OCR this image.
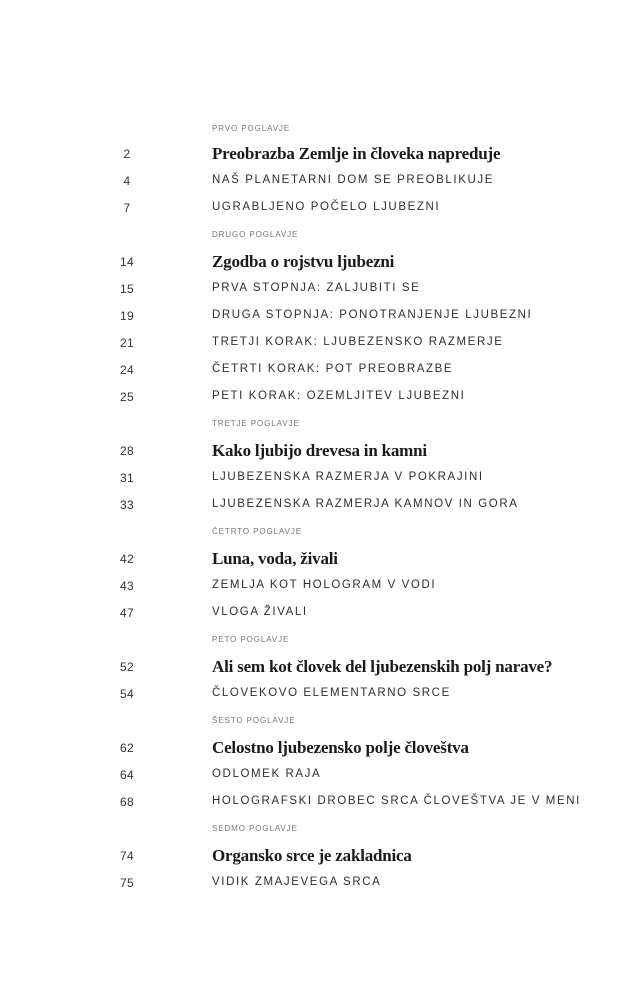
PRVO POGLAVJE
2	Preobrazba Zemlje in človeka napreduje
4	NAŠ PLANETARNI DOM SE PREOBLIKUJE
7	UGRABLJENO POČELO LJUBEZNI
DRUGO POGLAVJE
14	Zgodba o rojstvu ljubezni
15	PRVA STOPNJA: ZALJUBITI SE
19	DRUGA STOPNJA: PONOTRANJENJE LJUBEZNI
21	TRETJI KORAK: LJUBEZENSKO RAZMERJE
24	ČETRTI KORAK: POT PREOBRAZBE
25	PETI KORAK: OZEMLJITEV LJUBEZNI
TRETJE POGLAVJE
28	Kako ljubijo drevesa in kamni
31	LJUBEZENSKA RAZMERJA V POKRAJINI
33	LJUBEZENSKA RAZMERJA KAMNOV IN GORA
ČETRTO POGLAVJE
42	Luna, voda, živali
43	ZEMLJA KOT HOLOGRAM V VODI
47	VLOGA ŽIVALI
PETO POGLAVJE
52	Ali sem kot človek del ljubezenskih polj narave?
54	ČLOVEKOVO ELEMENTARNO SRCE
ŠESTO POGLAVJE
62	Celostno ljubezensko polje človeštva
64	ODLOMEK RAJA
68	HOLOGRAFSKI DROBEC SRCA ČLOVEŠTVA JE V MENI
SEDMO POGLAVJE
74	Organsko srce je zakladnica
75	VIDIK ZMAJEVEGA SRCA
